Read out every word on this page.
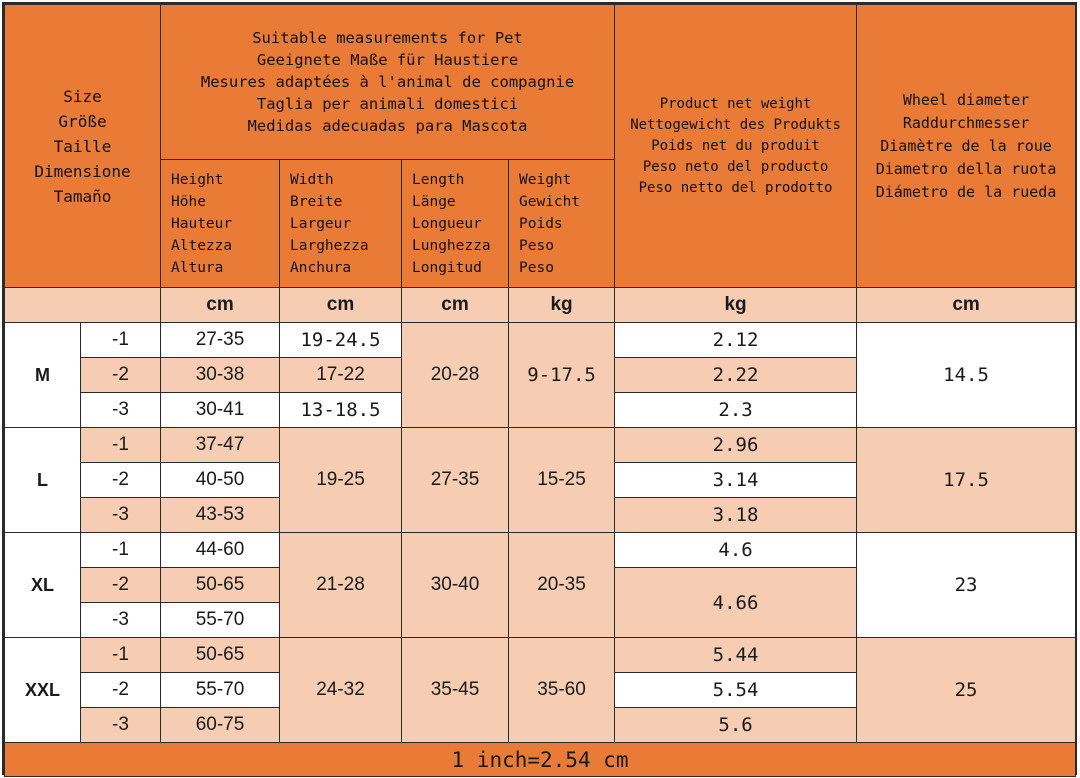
Size
Größe
Taille
Dimensione
Tamaño		Suitable measurements for Pet
Geeignete Maße für Haustiere
Mesures adaptées à l'animal de compagnie
Taglia per animali domestici
Medidas adecuadas para Mascota				Product net weight
Nettogewicht des Produkts
Poids net du produit
Peso neto del producto
Peso netto del prodotto	Wheel diameter
Raddurchmesser
Diamètre de la roue
Diametro della ruota
Diámetro de la rueda
		Height
Höhe
Hauteur
Altezza
Altura	Width
Breite
Largeur
Larghezza
Anchura	Length
Länge
Longueur
Lunghezza
Longitud	Weight
Gewicht
Poids
Peso
Peso		
		cm	cm	cm	kg	kg	cm
M	-1	27-35	19-24.5	20-28	9-17.5	2.12	14.5
	-2	30-38	17-22			2.22	
	-3	30-41	13-18.5			2.3	
L	-1	37-47	19-25	27-35	15-25	2.96	17.5
	-2	40-50				3.14	
	-3	43-53				3.18	
XL	-1	44-60	21-28	30-40	20-35	4.6	23
	-2	50-65				4.66	
	-3	55-70					
XXL	-1	50-65	24-32	35-45	35-60	5.44	25
	-2	55-70				5.54	
	-3	60-75				5.6	
1 inch=2.54 cm							
